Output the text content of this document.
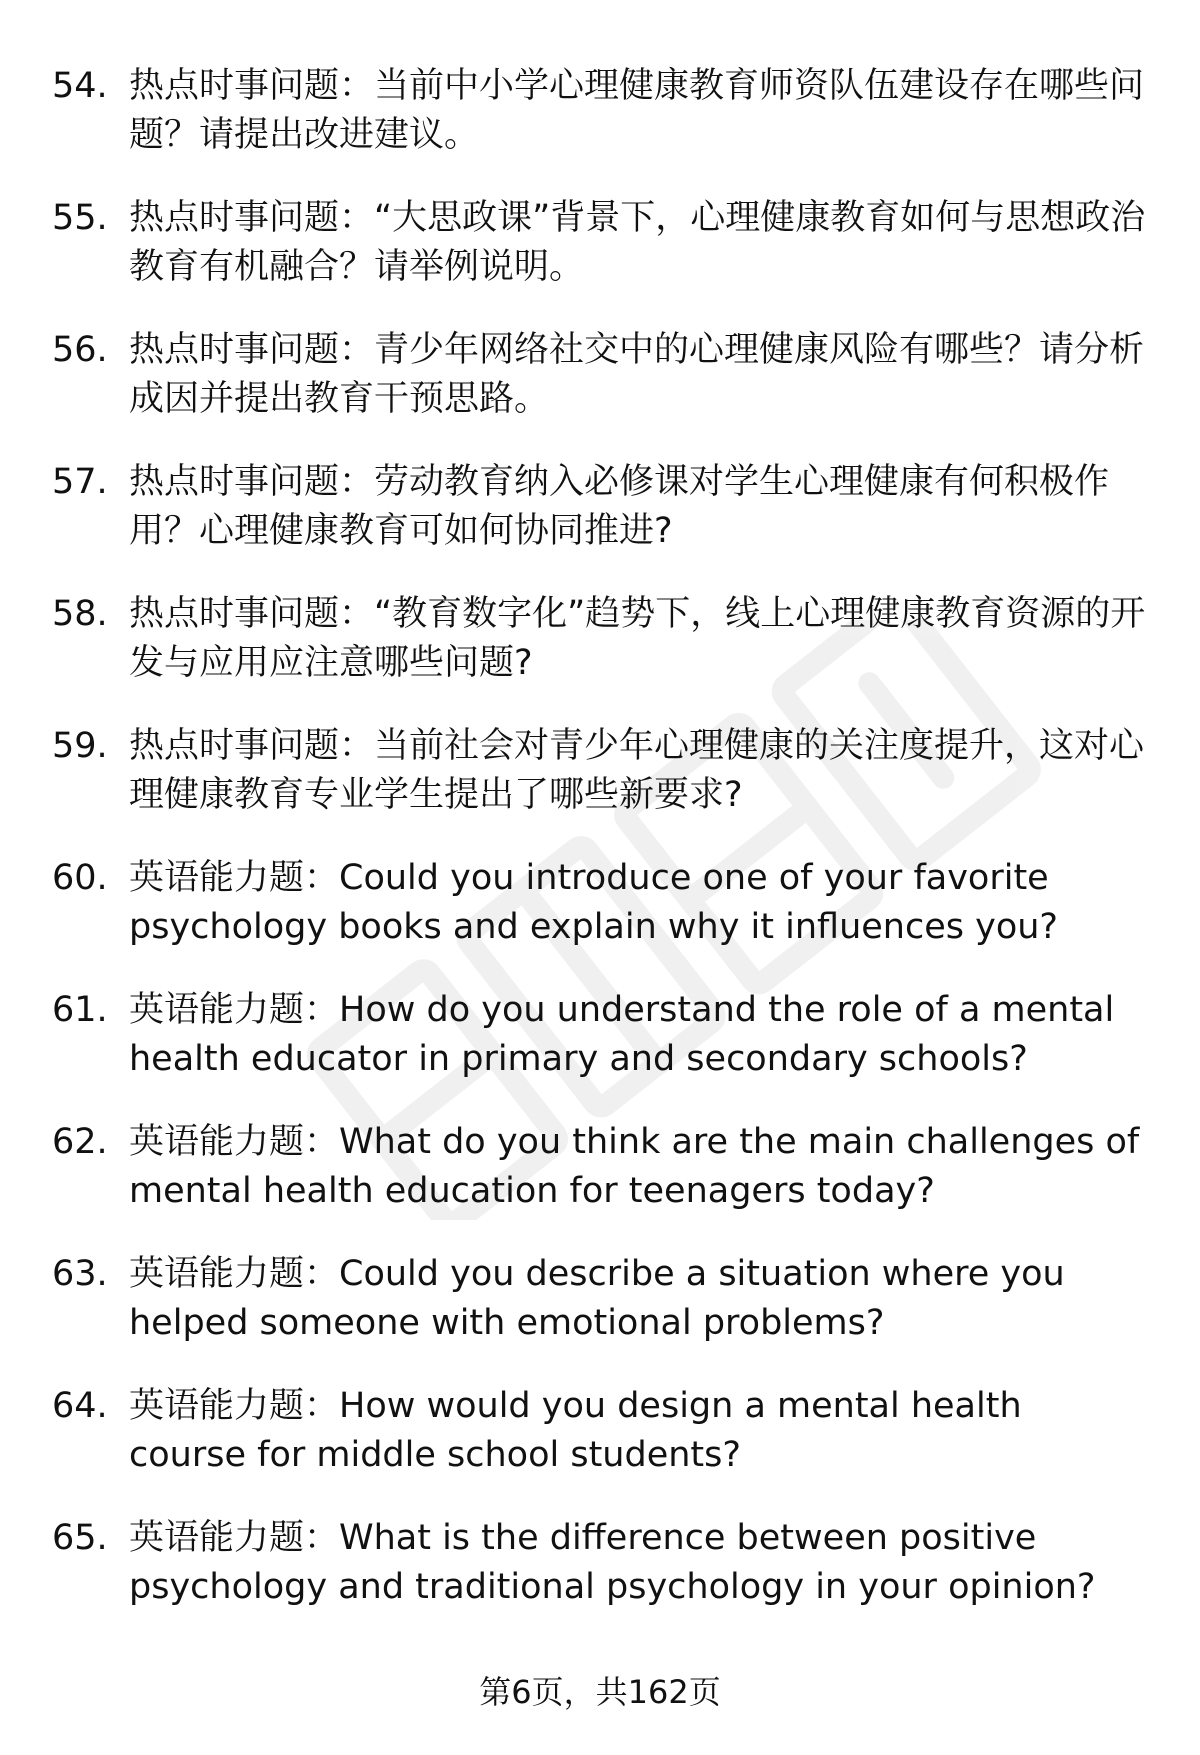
54. 热点时事问题：当前中小学心理健康教育师资队伍建设存在哪些问题？请提出改进建议。
55. 热点时事问题：“大思政课”背景下，心理健康教育如何与思想政治教育有机融合？请举例说明。
56. 热点时事问题：青少年网络社交中的心理健康风险有哪些？请分析成因并提出教育干预思路。
57. 热点时事问题：劳动教育纳入必修课对学生心理健康有何积极作用？心理健康教育可如何协同推进?
58. 热点时事问题：“教育数字化”趋势下，线上心理健康教育资源的开发与应用应注意哪些问题?
59. 热点时事问题：当前社会对青少年心理健康的关注度提升，这对心理健康教育专业学生提出了哪些新要求?
60. 英语能力题：Could you introduce one of your favorite psychology books and explain why it influences you?
61. 英语能力题：How do you understand the role of a mental health educator in primary and secondary schools?
62. 英语能力题：What do you think are the main challenges of mental health education for teenagers today?
63. 英语能力题：Could you describe a situation where you helped someone with emotional problems?
64. 英语能力题：How would you design a mental health course for middle school students?
65. 英语能力题：What is the difference between positive psychology and traditional psychology in your opinion?
第6页，共162页
